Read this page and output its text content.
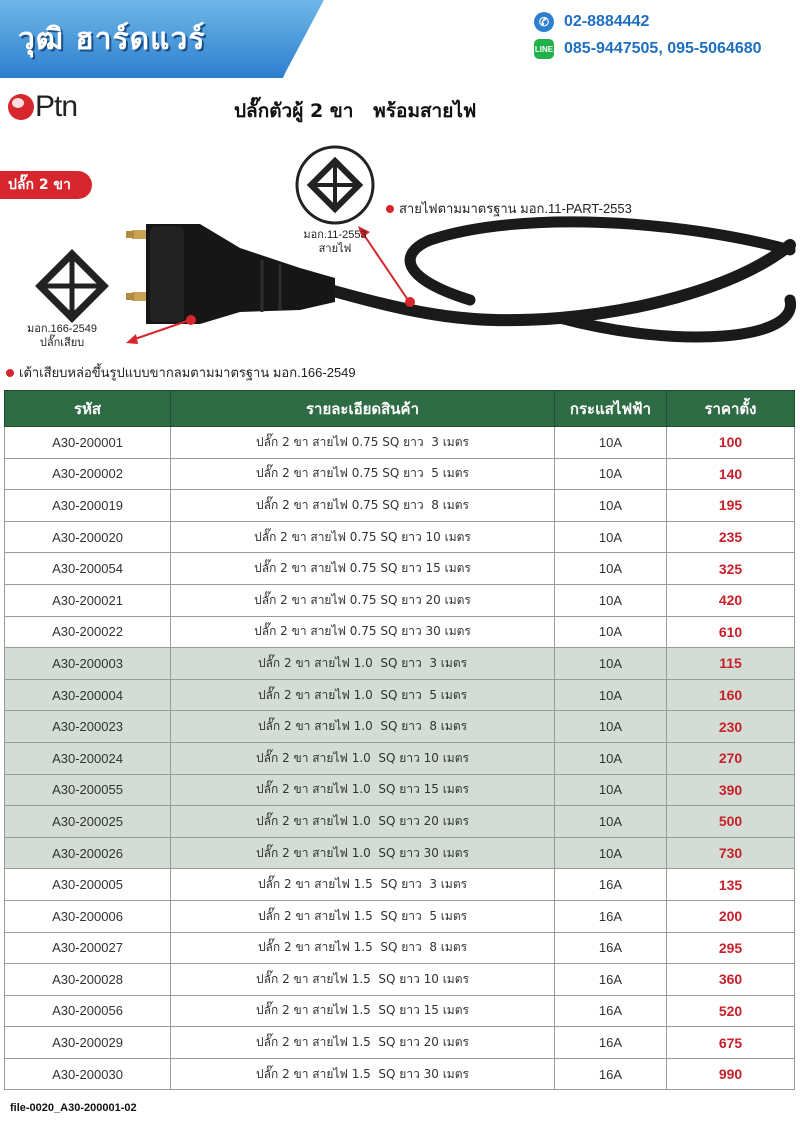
วุฒิ ฮาร์ดแวร์	✆ 02-8884442
LINE 085-9447505, 095-5064680
Ptn	ปลั๊กตัวผู้ 2 ขา   พร้อมสายไฟ
ปลั๊ก 2 ขา
มอก.11-2553
สายไฟ
มอก.166-2549
ปลั๊กเสียบ
สายไฟตามมาตรฐาน มอก.11-PART-2553
เต้าเสียบหล่อขึ้นรูปแบบขากลมตามมาตรฐาน มอก.166-2549
รหัส	รายละเอียดสินค้า	กระแสไฟฟ้า	ราคาตั้ง
A30-200001	ปลั๊ก 2 ขา สายไฟ 0.75 SQ ยาว  3 เมตร	10A	100
A30-200002	ปลั๊ก 2 ขา สายไฟ 0.75 SQ ยาว  5 เมตร	10A	140
A30-200019	ปลั๊ก 2 ขา สายไฟ 0.75 SQ ยาว  8 เมตร	10A	195
A30-200020	ปลั๊ก 2 ขา สายไฟ 0.75 SQ ยาว 10 เมตร	10A	235
A30-200054	ปลั๊ก 2 ขา สายไฟ 0.75 SQ ยาว 15 เมตร	10A	325
A30-200021	ปลั๊ก 2 ขา สายไฟ 0.75 SQ ยาว 20 เมตร	10A	420
A30-200022	ปลั๊ก 2 ขา สายไฟ 0.75 SQ ยาว 30 เมตร	10A	610
A30-200003	ปลั๊ก 2 ขา สายไฟ 1.0  SQ ยาว  3 เมตร	10A	115
A30-200004	ปลั๊ก 2 ขา สายไฟ 1.0  SQ ยาว  5 เมตร	10A	160
A30-200023	ปลั๊ก 2 ขา สายไฟ 1.0  SQ ยาว  8 เมตร	10A	230
A30-200024	ปลั๊ก 2 ขา สายไฟ 1.0  SQ ยาว 10 เมตร	10A	270
A30-200055	ปลั๊ก 2 ขา สายไฟ 1.0  SQ ยาว 15 เมตร	10A	390
A30-200025	ปลั๊ก 2 ขา สายไฟ 1.0  SQ ยาว 20 เมตร	10A	500
A30-200026	ปลั๊ก 2 ขา สายไฟ 1.0  SQ ยาว 30 เมตร	10A	730
A30-200005	ปลั๊ก 2 ขา สายไฟ 1.5  SQ ยาว  3 เมตร	16A	135
A30-200006	ปลั๊ก 2 ขา สายไฟ 1.5  SQ ยาว  5 เมตร	16A	200
A30-200027	ปลั๊ก 2 ขา สายไฟ 1.5  SQ ยาว  8 เมตร	16A	295
A30-200028	ปลั๊ก 2 ขา สายไฟ 1.5  SQ ยาว 10 เมตร	16A	360
A30-200056	ปลั๊ก 2 ขา สายไฟ 1.5  SQ ยาว 15 เมตร	16A	520
A30-200029	ปลั๊ก 2 ขา สายไฟ 1.5  SQ ยาว 20 เมตร	16A	675
A30-200030	ปลั๊ก 2 ขา สายไฟ 1.5  SQ ยาว 30 เมตร	16A	990
file-0020_A30-200001-02
